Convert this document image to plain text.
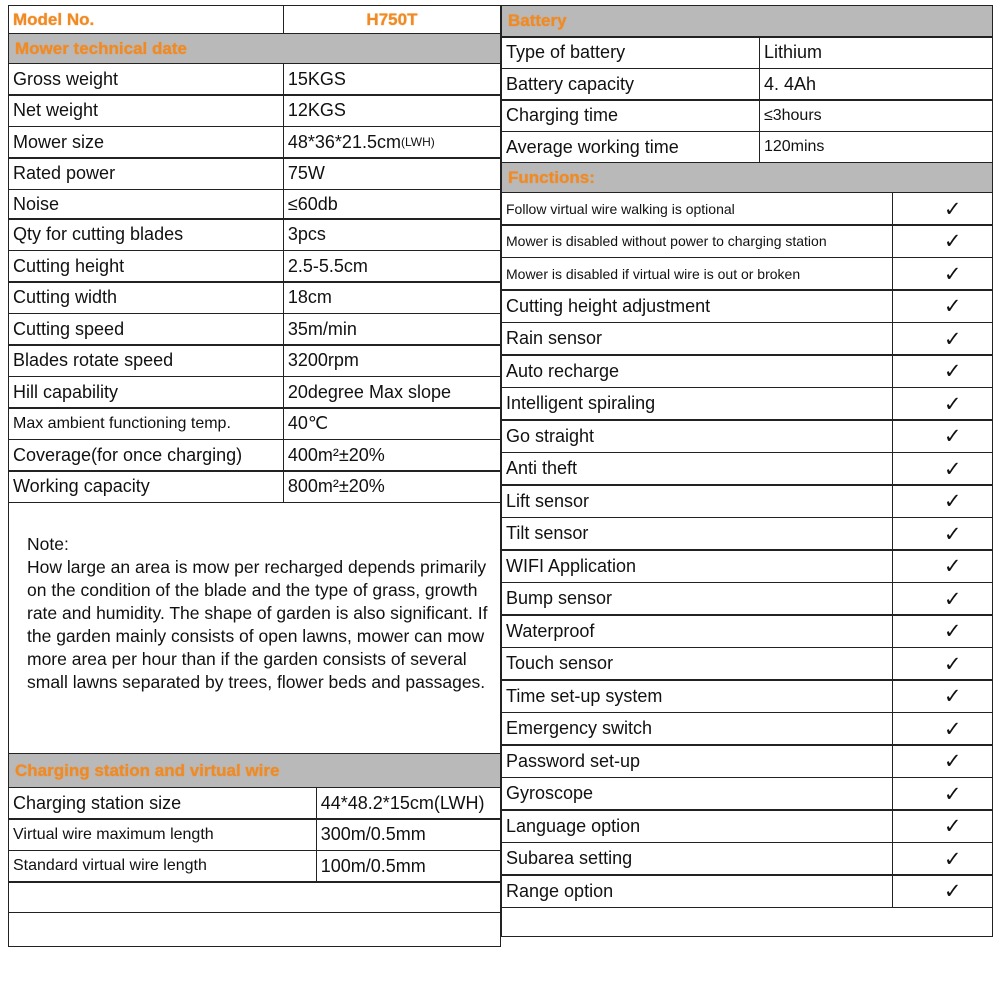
Model No.	H750T
Mower technical date
Gross weight	15KGS
Net weight	12KGS
Mower size	48*36*21.5cm (LWH)
Rated power	75W
Noise	≤60db
Qty for cutting blades	3pcs
Cutting height	2.5-5.5cm
Cutting width	18cm
Cutting speed	35m/min
Blades rotate speed	3200rpm
Hill capability	20degree Max slope
Max ambient functioning temp.	40℃
Coverage(for once charging)	400m²±20%
Working capacity	800m²±20%
Note:
How large an area is mow per recharged depends primarily on the condition of the blade and the type of grass, growth rate and humidity. The shape of garden is also significant. If the garden mainly consists of open lawns, mower can mow more area per hour than if the garden consists of several small lawns separated by trees, flower beds and passages.
Charging station and virtual wire
Charging station size	44*48.2*15cm(LWH)
Virtual wire maximum length	300m/0.5mm
Standard virtual wire length	100m/0.5mm
Battery
Type of battery	Lithium
Battery capacity	4. 4Ah
Charging time	≤3hours
Average working time	120mins
Functions:
Follow virtual wire walking is optional	✓
Mower is disabled without power to charging station	✓
Mower is disabled if virtual wire is out or broken	✓
Cutting height adjustment	✓
Rain sensor	✓
Auto recharge	✓
Intelligent spiraling	✓
Go straight	✓
Anti theft	✓
Lift sensor	✓
Tilt sensor	✓
WIFI Application	✓
Bump sensor	✓
Waterproof	✓
Touch sensor	✓
Time set-up system	✓
Emergency switch	✓
Password set-up	✓
Gyroscope	✓
Language option	✓
Subarea setting	✓
Range option	✓
